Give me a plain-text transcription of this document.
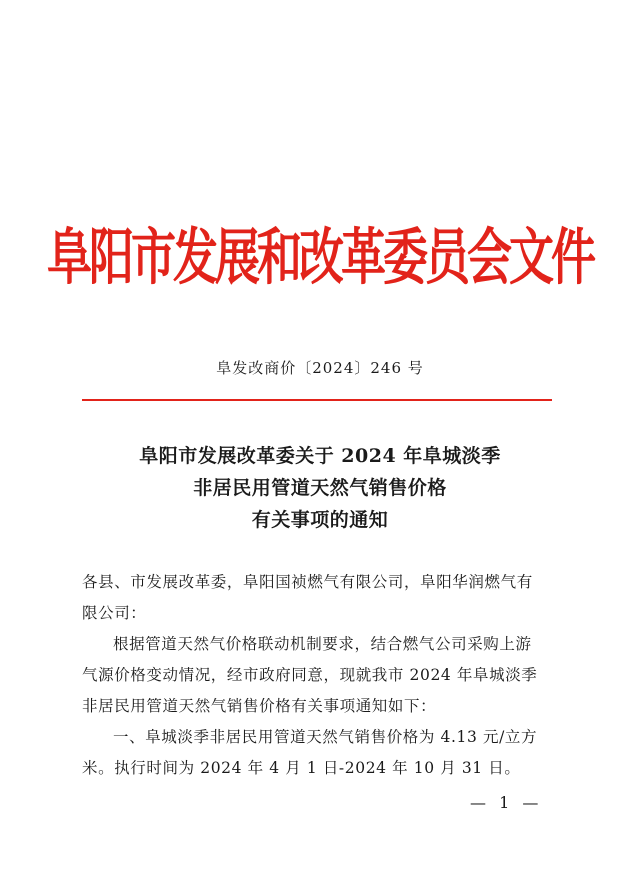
阜阳市发展和改革委员会文件
阜发改商价〔2024〕246 号
阜阳市发展改革委关于 2024 年阜城淡季
非居民用管道天然气销售价格
有关事项的通知

各县、市发展改革委，阜阳国祯燃气有限公司，阜阳华润燃气有

限公司：

根据管道天然气价格联动机制要求，结合燃气公司采购上游

气源价格变动情况，经市政府同意，现就我市 2024 年阜城淡季

非居民用管道天然气销售价格有关事项通知如下：

一、阜城淡季非居民用管道天然气销售价格为 4.13 元/立方

米。执行时间为 2024 年 4 月 1 日-2024 年 10 月 31 日。

— 1 —
